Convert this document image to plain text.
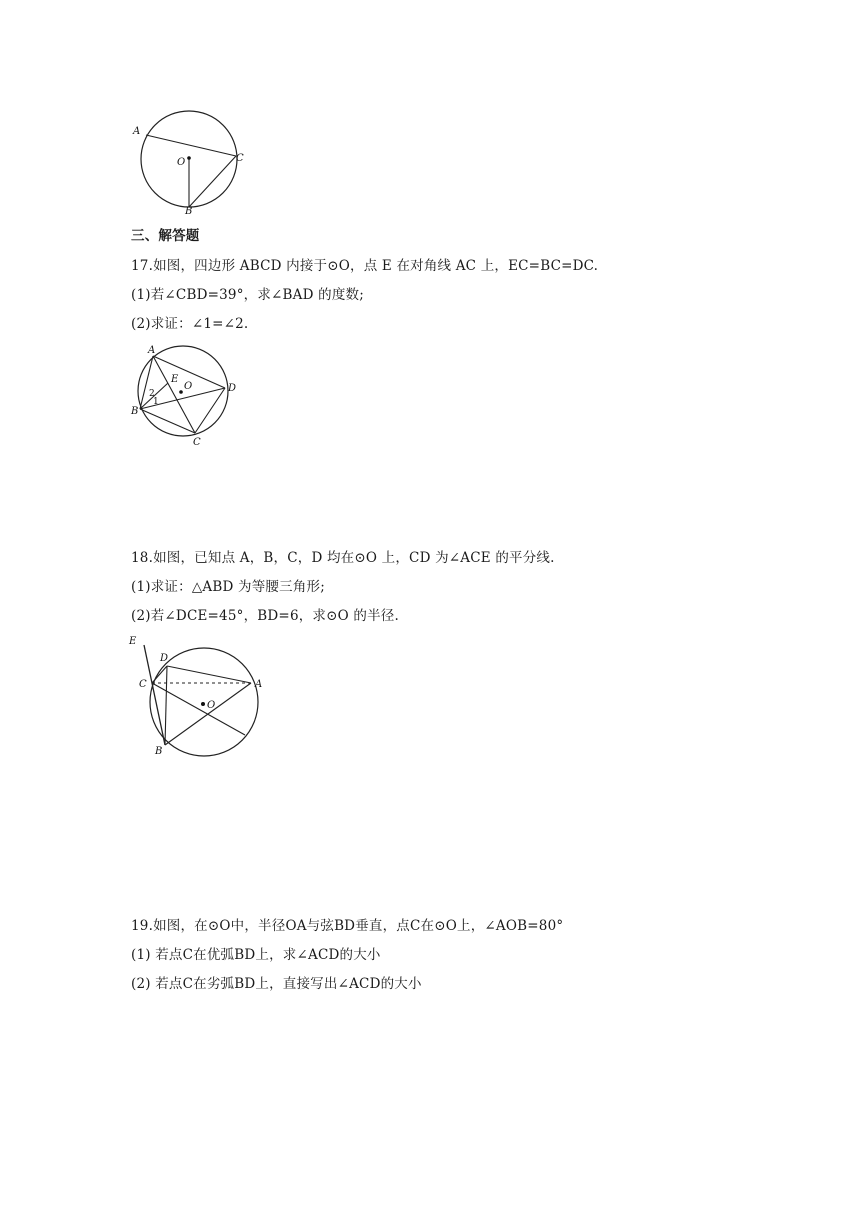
A
O	C
B
三、解答题
17.如图，四边形 ABCD 内接于⊙O，点 E 在对角线 AC 上，EC=BC=DC.
(1)若∠CBD=39°，求∠BAD 的度数;
(2)求证：∠1=∠2.
A
E
O	D
B
C
2
1
18.如图，已知点 A，B，C，D 均在⊙O 上，CD 为∠ACE 的平分线.
(1)求证：△ABD 为等腰三角形;
(2)若∠DCE=45°，BD=6，求⊙O 的半径.
E
D
C	A
O
B
19.如图，在⊙O中，半径OA与弦BD垂直，点C在⊙O上，∠AOB=80°
(1) 若点C在优弧BD上，求∠ACD的大小
(2) 若点C在劣弧BD上，直接写出∠ACD的大小
